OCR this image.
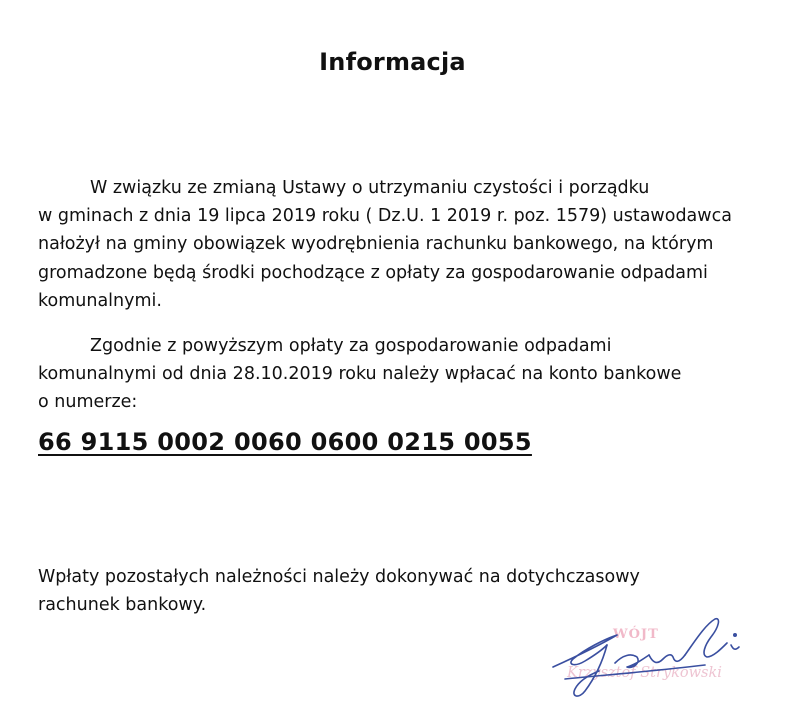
Informacja
W związku ze zmianą Ustawy o utrzymaniu czystości i porządku
w gminach z dnia 19 lipca 2019 roku ( Dz.U. 1 2019 r. poz. 1579) ustawodawca
nałożył na gminy obowiązek wyodrębnienia rachunku bankowego, na którym
gromadzone będą środki pochodzące z opłaty za gospodarowanie odpadami
komunalnymi.
Zgodnie z powyższym opłaty za gospodarowanie odpadami
komunalnymi od dnia 28.10.2019 roku należy wpłacać na konto bankowe
o numerze:
66 9115 0002 0060 0600 0215 0055
Wpłaty pozostałych należności należy dokonywać na dotychczasowy
rachunek bankowy.
WÓJT
Krzysztof Strykowski
